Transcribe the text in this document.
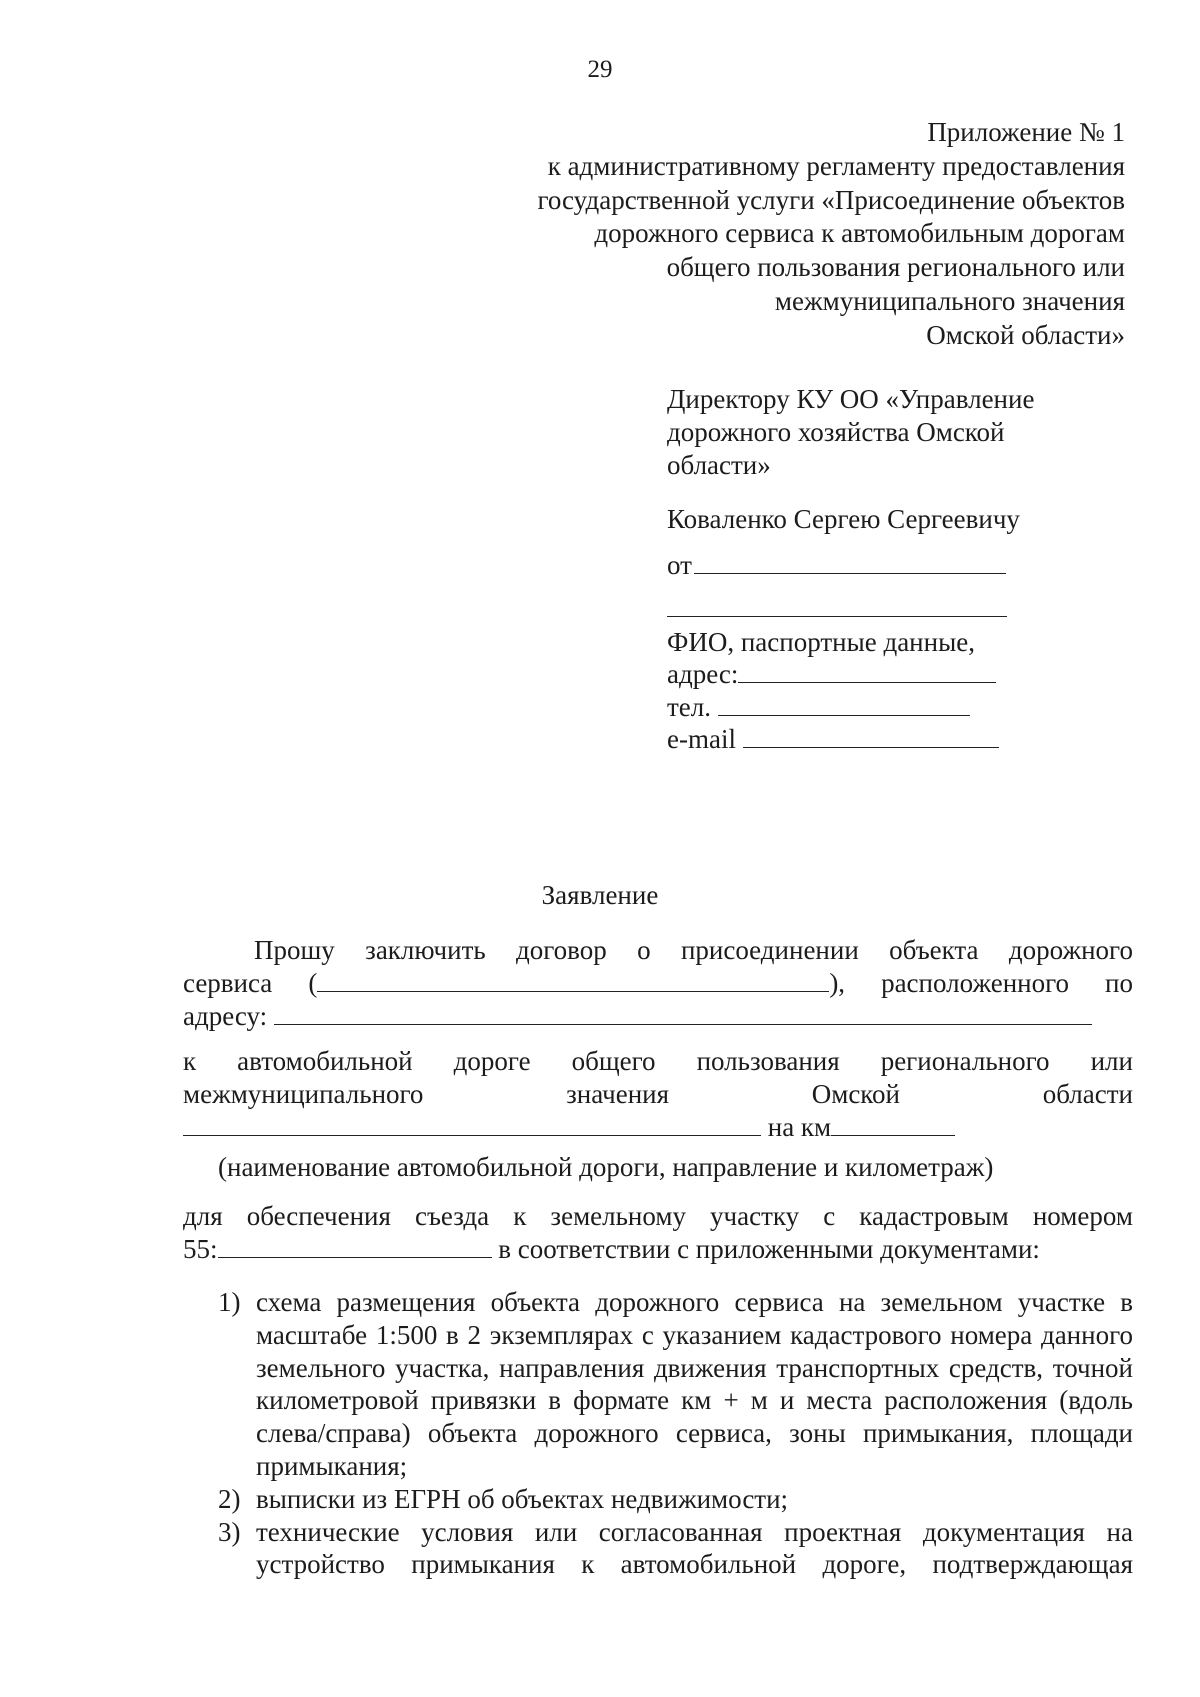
29
Приложение № 1
к административному регламенту предоставления
государственной услуги «Присоединение объектов
дорожного сервиса к автомобильным дорогам
общего пользования регионального или
межмуниципального значения
Омской области»

Директору КУ ОО «Управление дорожного хозяйства Омской области»

Коваленко Сергею Сергеевичу

от
ФИО, паспортные данные,
адрес:
тел.
e-mail
Заявление
Прошу заключить договор о присоединении объекта дорожного
сервиса (	), расположенного по
адресу:
к автомобильной дороге общего пользования регионального или
межмуниципального	значения	Омской	области
на км
(наименование автомобильной дороги, направление и километраж)
для обеспечения съезда к земельному участку с кадастровым номером
55:	в соответствии с приложенными документами:
1) схема размещения объекта дорожного сервиса на земельном участке в масштабе 1:500 в 2 экземплярах с указанием кадастрового номера данного земельного участка, направления движения транспортных средств, точной километровой привязки в формате км + м и места расположения (вдоль слева/справа) объекта дорожного сервиса, зоны примыкания, площади примыкания;
2) выписки из ЕГРН об объектах недвижимости;
3) технические условия или согласованная проектная документация на устройство примыкания к автомобильной дороге, подтверждающая
